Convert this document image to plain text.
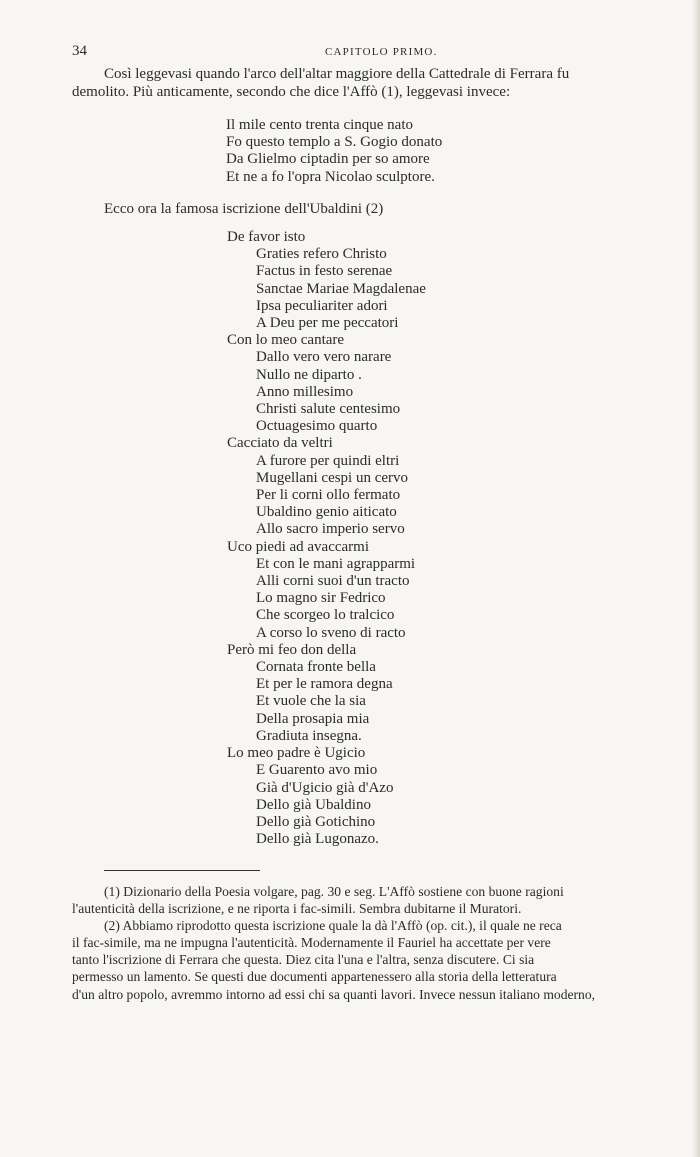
34	CAPITOLO PRIMO.
Così leggevasi quando l'arco dell'altar maggiore della Cattedrale di Ferrara fu
demolito. Più anticamente, secondo che dice l'Affò (1), leggevasi invece:
Il mile cento trenta cinque nato
Fo questo templo a S. Gogio donato
Da Glielmo ciptadin per so amore
Et ne a fo l'opra Nicolao sculptore.
Ecco ora la famosa iscrizione dell'Ubaldini (2)
De favor isto
Graties refero Christo
Factus in festo serenae
Sanctae Mariae Magdalenae
Ipsa peculiariter adori
A Deu per me peccatori
Con lo meo cantare
Dallo vero vero narare
Nullo ne diparto .
Anno millesimo
Christi salute centesimo
Octuagesimo quarto
Cacciato da veltri
A furore per quindi eltri
Mugellani cespi un cervo
Per li corni ollo fermato
Ubaldino genio aiticato
Allo sacro imperio servo
Uco piedi ad avaccarmi
Et con le mani agrapparmi
Alli corni suoi d'un tracto
Lo magno sir Fedrico
Che scorgeo lo tralcico
A corso lo sveno di racto
Però mi feo don della
Cornata fronte bella
Et per le ramora degna
Et vuole che la sia
Della prosapia mia
Gradiuta insegna.
Lo meo padre è Ugicio
E Guarento avo mio
Già d'Ugicio già d'Azo
Dello già Ubaldino
Dello già Gotichino
Dello già Lugonazo.
(1) Dizionario della Poesia volgare, pag. 30 e seg. L'Affò sostiene con buone ragioni
l'autenticità della iscrizione, e ne riporta i fac-simili. Sembra dubitarne il Muratori.
(2) Abbiamo riprodotto questa iscrizione quale la dà l'Affò (op. cit.), il quale ne reca
il fac-simile, ma ne impugna l'autenticità. Modernamente il Fauriel ha accettate per vere
tanto l'iscrizione di Ferrara che questa. Diez cita l'una e l'altra, senza discutere. Ci sia
permesso un lamento. Se questi due documenti appartenessero alla storia della letteratura
d'un altro popolo, avremmo intorno ad essi chi sa quanti lavori. Invece nessun italiano moderno,
